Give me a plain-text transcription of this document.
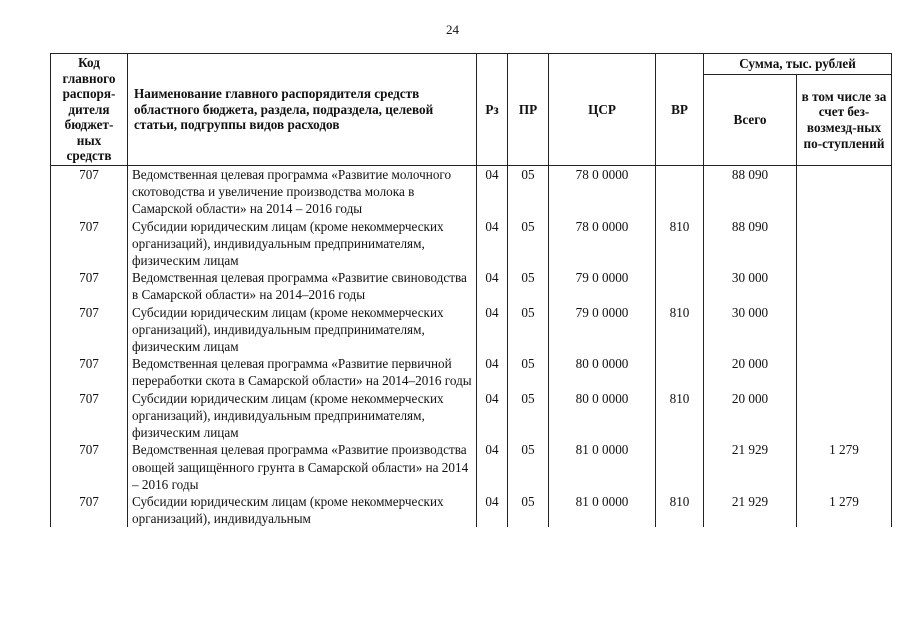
24
Код главного распоря-дителя бюджет-ных средств	Наименование главного распорядителя средств областного бюджета, раздела, подраздела, целевой статьи, подгруппы видов расходов	Рз	ПР	ЦСР	ВР	Сумма, тыс. рублей	
						Всего	в том числе за счет без-возмезд-ных по-ступлений
707	Ведомственная целевая программа «Развитие молочного скотоводства и увеличение производства молока в Самарской области» на 2014 – 2016 годы	04	05	78 0 0000		88 090	
707	Субсидии юридическим лицам (кроме некоммерческих организаций), индивидуальным предпринимателям, физическим лицам	04	05	78 0 0000	810	88 090	
707	Ведомственная целевая программа «Развитие свиноводства в Самарской области» на 2014–2016 годы	04	05	79 0 0000		30 000	
707	Субсидии юридическим лицам (кроме некоммерческих организаций), индивидуальным предпринимателям, физическим лицам	04	05	79 0 0000	810	30 000	
707	Ведомственная целевая программа «Развитие первичной переработки скота в Самарской области» на 2014–2016 годы	04	05	80 0 0000		20 000	
707	Субсидии юридическим лицам (кроме некоммерческих организаций), индивидуальным предпринимателям, физическим лицам	04	05	80 0 0000	810	20 000	
707	Ведомственная целевая программа «Развитие производства овощей защищённого грунта в Самарской области» на 2014 – 2016 годы	04	05	81 0 0000		21 929	1 279
707	Субсидии юридическим лицам (кроме некоммерческих организаций), индивидуальным	04	05	81 0 0000	810	21 929	1 279
